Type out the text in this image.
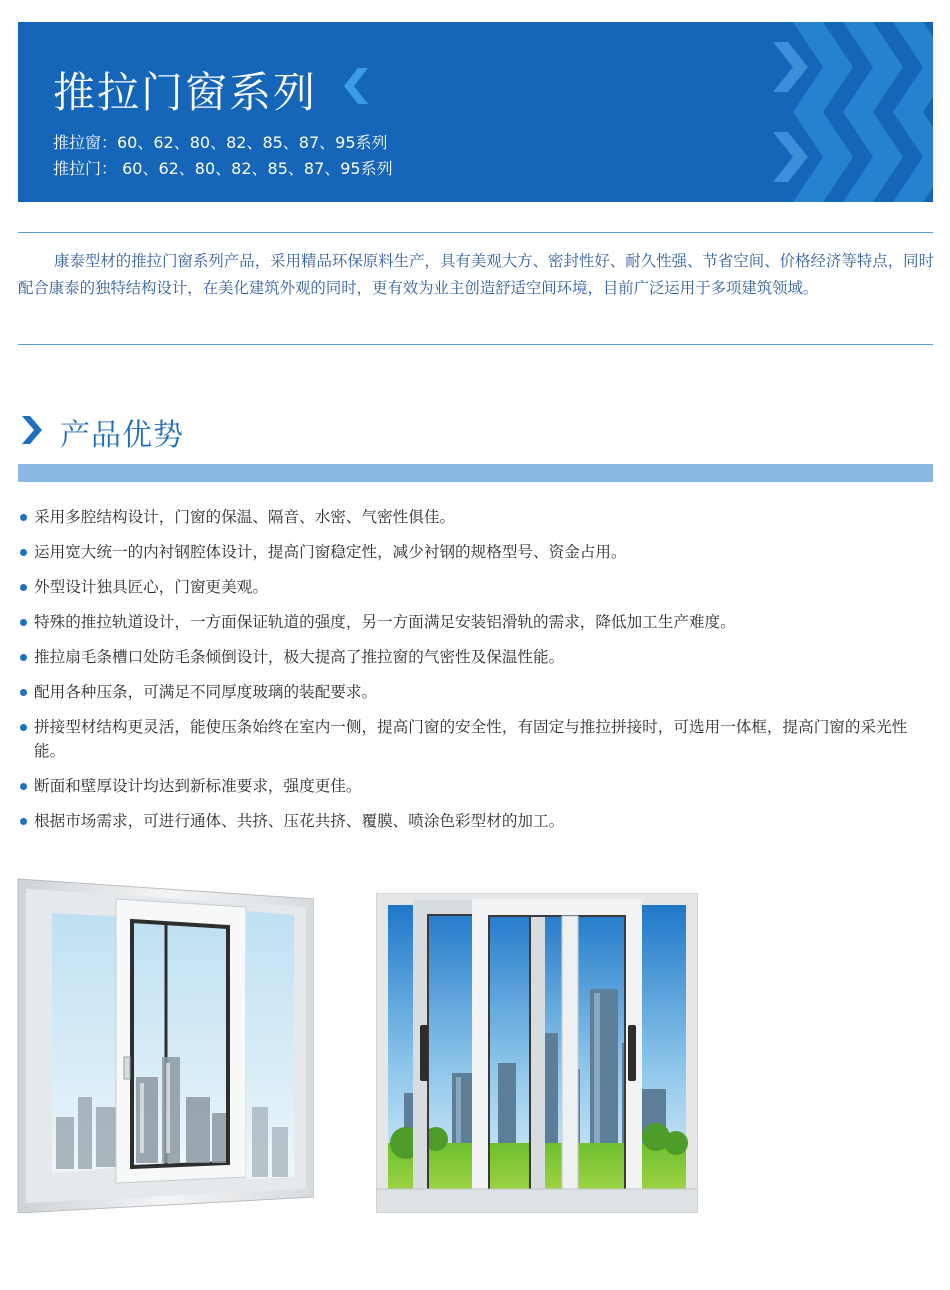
推拉门窗系列
推拉窗：60、62、80、82、85、87、95系列
推拉门： 60、62、80、82、85、87、95系列

康泰型材的推拉门窗系列产品，采用精品环保原料生产，具有美观大方、密封性好、耐久性强、节省空间、价格经济等特点，同时配合康泰的独特结构设计，在美化建筑外观的同时，更有效为业主创造舒适空间环境，目前广泛运用于多项建筑领域。

产品优势
采用多腔结构设计，门窗的保温、隔音、水密、气密性俱佳。
运用宽大统一的内衬钢腔体设计，提高门窗稳定性，减少衬钢的规格型号、资金占用。
外型设计独具匠心，门窗更美观。
特殊的推拉轨道设计，一方面保证轨道的强度，另一方面满足安装铝滑轨的需求，降低加工生产难度。
推拉扇毛条槽口处防毛条倾倒设计，极大提高了推拉窗的气密性及保温性能。
配用各种压条，可满足不同厚度玻璃的装配要求。
拼接型材结构更灵活，能使压条始终在室内一侧，提高门窗的安全性，有固定与推拉拼接时，可选用一体框，提高门窗的采光性能。
断面和壁厚设计均达到新标准要求，强度更佳。
根据市场需求，可进行通体、共挤、压花共挤、覆膜、喷涂色彩型材的加工。
